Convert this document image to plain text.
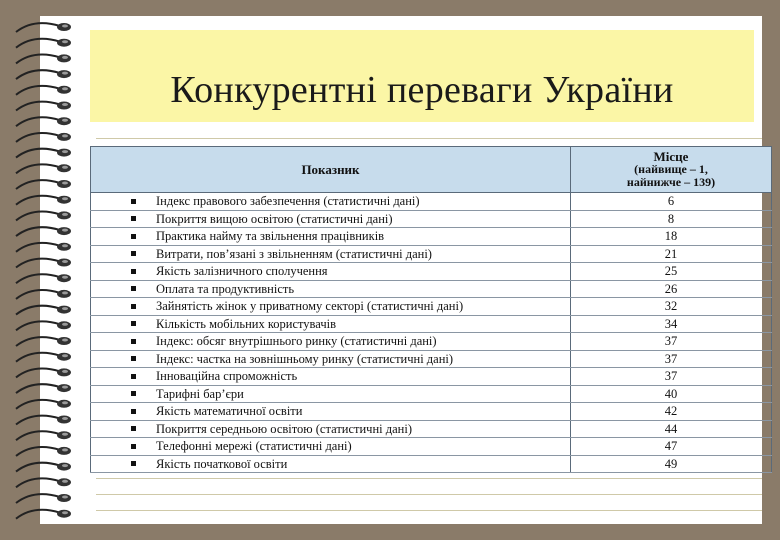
Конкурентні переваги України
Показник	Місце
(найвище – 1,
найнижче – 139)

Індекс правового забезпечення (статистичні дані)	6
Покриття вищою освітою (статистичні дані)	8
Практика найму та звільнення працівників	18
Витрати, пов’язані з звільненням (статистичні дані)	21
Якість залізничного сполучення	25
Оплата та продуктивність	26
Зайнятість жінок у приватному секторі (статистичні дані)	32
Кількість мобільних користувачів	34
Індекс: обсяг внутрішнього ринку (статистичні дані)	37
Індекс: частка на зовнішньому ринку (статистичні дані)	37
Інноваційна спроможність	37
Тарифні бар’єри	40
Якість математичної освіти	42
Покриття середньою освітою (статистичні дані)	44
Телефонні мережі (статистичні дані)	47
Якість початкової освіти	49
